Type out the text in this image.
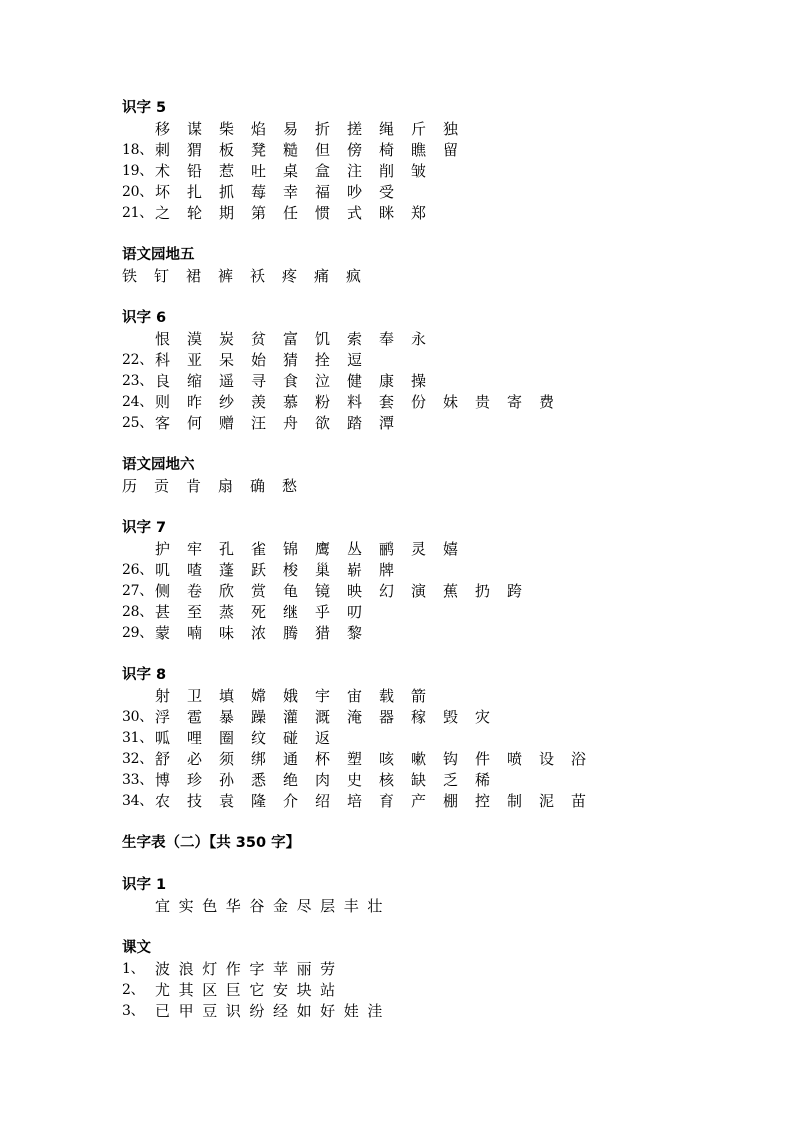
识字 5
移	谋	柴	焰	易	折	搓	绳	斤	独
18、 刺	猬	板	凳	糙	但	傍	椅	瞧	留
19、 术	铅	惹	吐	桌	盒	注	削	皱
20、 坏	扎	抓	莓	幸	福	吵	受
21、 之	轮	期	第	任	惯	式	眯	郑
语文园地五
铁	钉	裙	裤	袄	疼	痛	疯
识字 6
恨	漠	炭	贫	富	饥	索	奉	永
22、 科	亚	呆	始	猜	拴	逗
23、 良	缩	遥	寻	食	泣	健	康	操
24、 则	昨	纱	羡	慕	粉	料	套	份	妹	贵	寄	费
25、 客	何	赠	汪	舟	欲	踏	潭
语文园地六
历	贡	肯	扇	确	愁
识字 7
护	牢	孔	雀	锦	鹰	丛	鹂	灵	嬉
26、 叽	喳	蓬	跃	梭	巢	崭	牌
27、 侧	卷	欣	赏	龟	镜	映	幻	演	蕉	扔	跨
28、 甚	至	蒸	死	继	乎	叨
29、 蒙	喃	味	浓	腾	猎	黎
识字 8
射	卫	填	嫦	娥	宇	宙	载	箭
30、 浮	雹	暴	躁	灌	溉	淹	器	稼	毁	灾
31、 呱	哩	圈	纹	碰	返
32、 舒	必	须	绑	通	杯	塑	咳	嗽	钩	件	喷	设	浴
33、 博	珍	孙	悉	绝	肉	史	核	缺	乏	稀
34、 农	技	袁	隆	介	绍	培	育	产	棚	控	制	泥	苗
生字表（二）【共 350 字】
识字 1
宜 实 色 华 谷 金 尽 层 丰 壮
课文
1、 波 浪 灯 作 字 苹 丽 劳
2、 尤 其 区 巨 它 安 块 站
3、 已 甲 豆 识 纷 经 如 好 娃 洼
